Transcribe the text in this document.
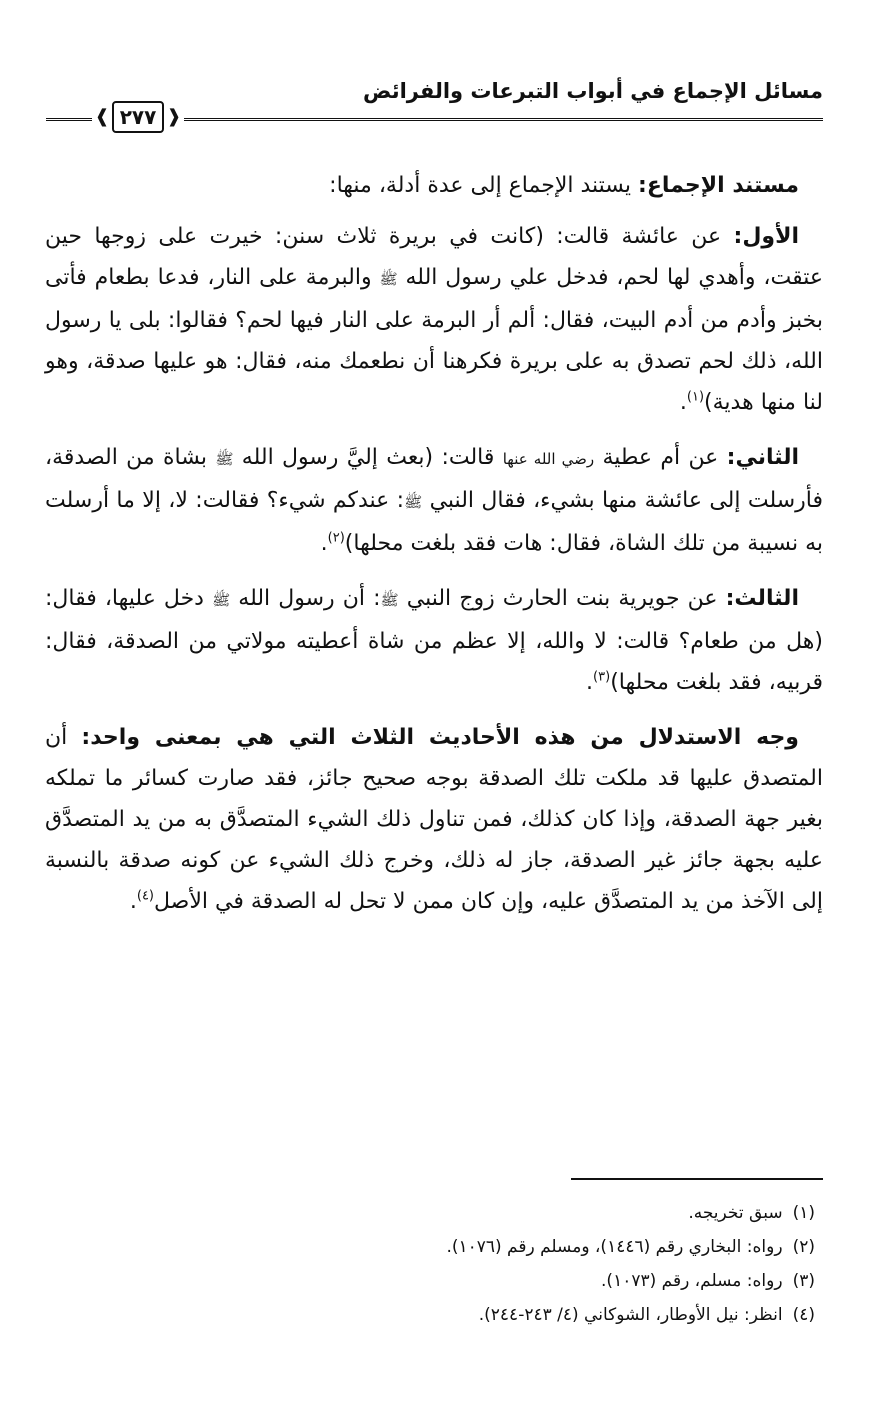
مسائل الإجماع في أبواب التبرعات والفرائض
❰ ٢٧٧ ❱

مستند الإجماع: يستند الإجماع إلى عدة أدلة، منها:

الأول: عن عائشة قالت: (كانت في بريرة ثلاث سنن: خيرت على زوجها حين عتقت، وأهدي لها لحم، فدخل علي رسول الله ﷺ والبرمة على النار، فدعا بطعام فأتى بخبز وأدم من أدم البيت، فقال: ألم أر البرمة على النار فيها لحم؟ فقالوا: بلى يا رسول الله، ذلك لحم تصدق به على بريرة فكرهنا أن نطعمك منه، فقال: هو عليها صدقة، وهو لنا منها هدية)$^{(١)}$.

الثاني: عن أم عطية رضي الله عنها قالت: (بعث إليَّ رسول الله ﷺ بشاة من الصدقة، فأرسلت إلى عائشة منها بشيء، فقال النبي ﷺ: عندكم شيء؟ فقالت: لا، إلا ما أرسلت به نسيبة من تلك الشاة، فقال: هات فقد بلغت محلها)$^{(٢)}$.

الثالث: عن جويرية بنت الحارث زوج النبي ﷺ: أن رسول الله ﷺ دخل عليها، فقال: (هل من طعام؟ قالت: لا والله، إلا عظم من شاة أعطيته مولاتي من الصدقة، فقال: قربيه، فقد بلغت محلها)$^{(٣)}$.

وجه الاستدلال من هذه الأحاديث الثلاث التي هي بمعنى واحد: أن المتصدق عليها قد ملكت تلك الصدقة بوجه صحيح جائز، فقد صارت كسائر ما تملكه بغير جهة الصدقة، وإذا كان كذلك، فمن تناول ذلك الشيء المتصدَّق به من يد المتصدَّق عليه بجهة جائز غير الصدقة، جاز له ذلك، وخرج ذلك الشيء عن كونه صدقة بالنسبة إلى الآخذ من يد المتصدَّق عليه، وإن كان ممن لا تحل له الصدقة في الأصل$^{(٤)}$.

(١)سبق تخريجه.

(٢)رواه: البخاري رقم (١٤٤٦)، ومسلم رقم (١٠٧٦).

(٣)رواه: مسلم، رقم (١٠٧٣).

(٤)انظر: نيل الأوطار، الشوكاني (٤/ ٢٤٣-٢٤٤).
